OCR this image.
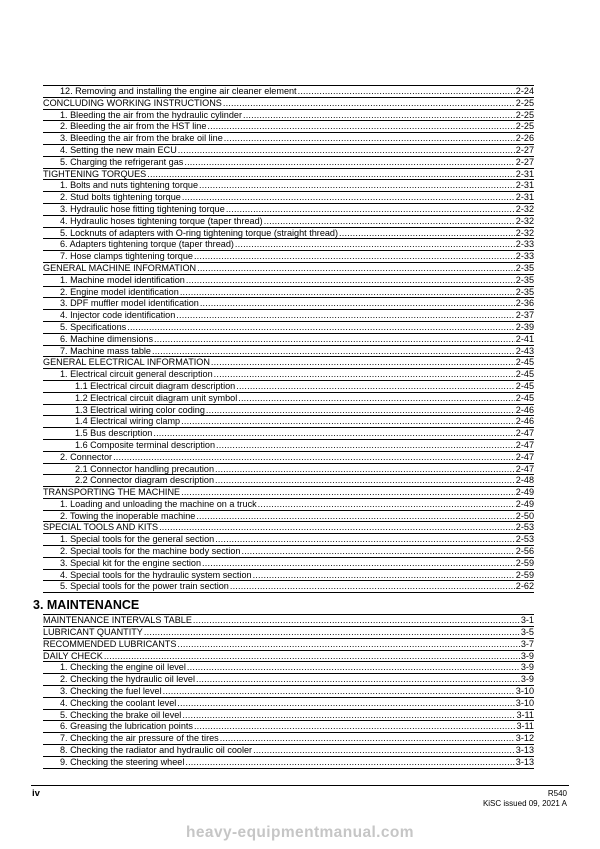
12. Removing and installing the engine air cleaner element .....	2-24
CONCLUDING WORKING INSTRUCTIONS .....	2-25
1. Bleeding the air from the hydraulic cylinder .....	2-25
2. Bleeding the air from the HST line .....	2-25
3. Bleeding the air from the brake oil line .....	2-26
4. Setting the new main ECU .....	2-27
5. Charging the refrigerant gas .....	2-27
TIGHTENING TORQUES .....	2-31
1. Bolts and nuts tightening torque .....	2-31
2. Stud bolts tightening torque .....	2-31
3. Hydraulic hose fitting tightening torque .....	2-32
4. Hydraulic hoses tightening torque (taper thread) .....	2-32
5. Locknuts of adapters with O-ring tightening torque (straight thread) .....	2-32
6. Adapters tightening torque (taper thread) .....	2-33
7. Hose clamps tightening torque .....	2-33
GENERAL MACHINE INFORMATION .....	2-35
1. Machine model identification .....	2-35
2. Engine model identification .....	2-35
3. DPF muffler model identification .....	2-36
4. Injector code identification .....	2-37
5. Specifications .....	2-39
6. Machine dimensions .....	2-41
7. Machine mass table .....	2-43
GENERAL ELECTRICAL INFORMATION .....	2-45
1. Electrical circuit general description .....	2-45
1.1 Electrical circuit diagram description .....	2-45
1.2 Electrical circuit diagram unit symbol .....	2-45
1.3 Electrical wiring color coding .....	2-46
1.4 Electrical wiring clamp .....	2-46
1.5 Bus description .....	2-47
1.6 Composite terminal description .....	2-47
2. Connector .....	2-47
2.1 Connector handling precaution .....	2-47
2.2 Connector diagram description .....	2-48
TRANSPORTING THE MACHINE .....	2-49
1. Loading and unloading the machine on a truck .....	2-49
2. Towing the inoperable machine .....	2-50
SPECIAL TOOLS AND KITS .....	2-53
1. Special tools for the general section .....	2-53
2. Special tools for the machine body section .....	2-56
3. Special kit for the engine section .....	2-59
4. Special tools for the hydraulic system section .....	2-59
5. Special tools for the power train section .....	2-62
3. MAINTENANCE
MAINTENANCE INTERVALS TABLE .....	3-1
LUBRICANT QUANTITY .....	3-5
RECOMMENDED LUBRICANTS .....	3-7
DAILY CHECK .....	3-9
1. Checking the engine oil level .....	3-9
2. Checking the hydraulic oil level .....	3-9
3. Checking the fuel level .....	3-10
4. Checking the coolant level .....	3-10
5. Checking the brake oil level .....	3-11
6. Greasing the lubrication points .....	3-11
7. Checking the air pressure of the tires .....	3-12
8. Checking the radiator and hydraulic oil cooler .....	3-13
9. Checking the steering wheel .....	3-13
iv	R540
KiSC issued 09, 2021 A
heavy-equipmentmanual.com
